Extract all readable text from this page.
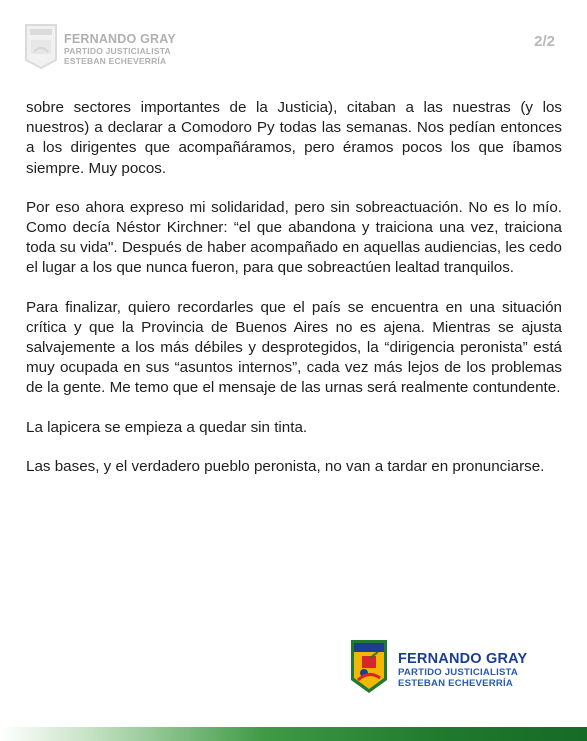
FERNANDO GRAY
PARTIDO JUSTICIALISTA
ESTEBAN ECHEVERRÍA
2/2

sobre sectores importantes de la Justicia), citaban a las nuestras (y los nuestros) a declarar a Comodoro Py todas las semanas. Nos pedían entonces a los dirigentes que acompañáramos, pero éramos pocos los que íbamos siempre. Muy pocos.

Por eso ahora expreso mi solidaridad, pero sin sobreactuación. No es lo mío. Como decía Néstor Kirchner: “el que abandona y traiciona una vez, traiciona toda su vida". Después de haber acompañado en aquellas audiencias, les cedo el lugar a los que nunca fueron, para que sobreactúen lealtad tranquilos.

Para finalizar, quiero recordarles que el país se encuentra en una situación crítica y que la Provincia de Buenos Aires no es ajena. Mientras se ajusta salvajemente a los más débiles y desprotegidos, la “dirigencia peronista” está muy ocupada en sus “asuntos internos”, cada vez más lejos de los problemas de la gente. Me temo que el mensaje de las urnas será realmente contundente.

La lapicera se empieza a quedar sin tinta.

Las bases, y el verdadero pueblo peronista, no van a tardar en pronunciarse.

FERNANDO GRAY
PARTIDO JUSTICIALISTA
ESTEBAN ECHEVERRÍA
